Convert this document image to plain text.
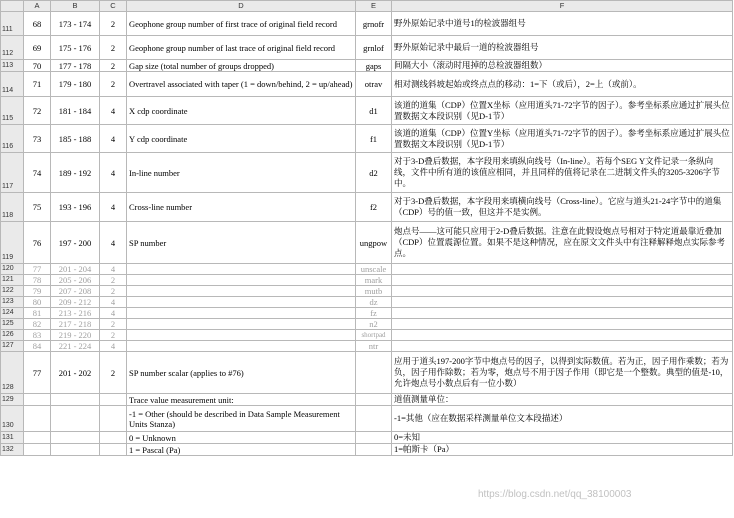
	A	B	C	D	E	F
111	68	173 - 174	2	Geophone group number of first trace of original field record	grnofr	野外原始记录中道号1的检波器组号
112	69	175 - 176	2	Geophone group number of last trace of original field record	grnlof	野外原始记录中最后一道的检波器组号
113	70	177 - 178	2	Gap size (total number of groups dropped)	gaps	间隔大小（滚动时甩掉的总检波器组数）
114	71	179 - 180	2	Overtravel associated with taper (1 = down/behind, 2 = up/ahead)	otrav	相对测线斜坡起始或终点点的移动：1=下（或后），2=上（或前）。
115	72	181 - 184	4	X cdp coordinate	d1	该道的道集（CDP）位置X坐标（应用道头71-72字节的因子）。参考坐标系应通过扩展头位置数据文本段识别（见D-1节）
116	73	185 - 188	4	Y cdp coordinate	f1	该道的道集（CDP）位置Y坐标（应用道头71-72字节的因子）。参考坐标系应通过扩展头位置数据文本段识别（见D-1节）
117	74	189 - 192	4	In-line number	d2	对于3-D叠后数据，本字段用来填纵向线号（In-line）。若每个SEG Y文件记录一条纵向线，文件中所有道的该值应相同，并且同样的值将记录在二进制文件头的3205-3206字节中。
118	75	193 - 196	4	Cross-line number	f2	对于3-D叠后数据，本字段用来填横向线号（Cross-line）。它应与道头21-24字节中的道集（CDP）号的值一致，但这并不是实例。
119	76	197 - 200	4	SP number	ungpow	炮点号——这可能只应用于2-D叠后数据。注意在此假设炮点号相对于特定道最靠近叠加（CDP）位置震源位置。如果不是这种情况，应在原文文件头中有注释解释炮点实际参考点。
120	77	201 - 204	4		unscale	
121	78	205 - 206	2		mark	
122	79	207 - 208	2		mutb	
123	80	209 - 212	4		dz	
124	81	213 - 216	4		fz	
125	82	217 - 218	2		n2	
126	83	219 - 220	2		shortpad	
127	84	221 - 224	4		ntr	
128	77	201 - 202	2	SP number scalar (applies to #76)		应用于道头197-200字节中炮点号的因子，以得到实际数值。若为正，因子用作乘数；若为负，因子用作除数；若为零，炮点号不用于因子作用（即它是一个整数。典型的值是-10，允许炮点号小数点后有一位小数）
129				Trace value measurement unit:		道值测量单位：
130				-1 = Other (should be described in Data Sample Measurement Units Stanza)		-1=其他（应在数据采样测量单位文本段描述）
131				0 = Unknown		0=未知
132				1 = Pascal (Pa)		1=帕斯卡（Pa）
https://blog.csdn.net/qq_38100003
